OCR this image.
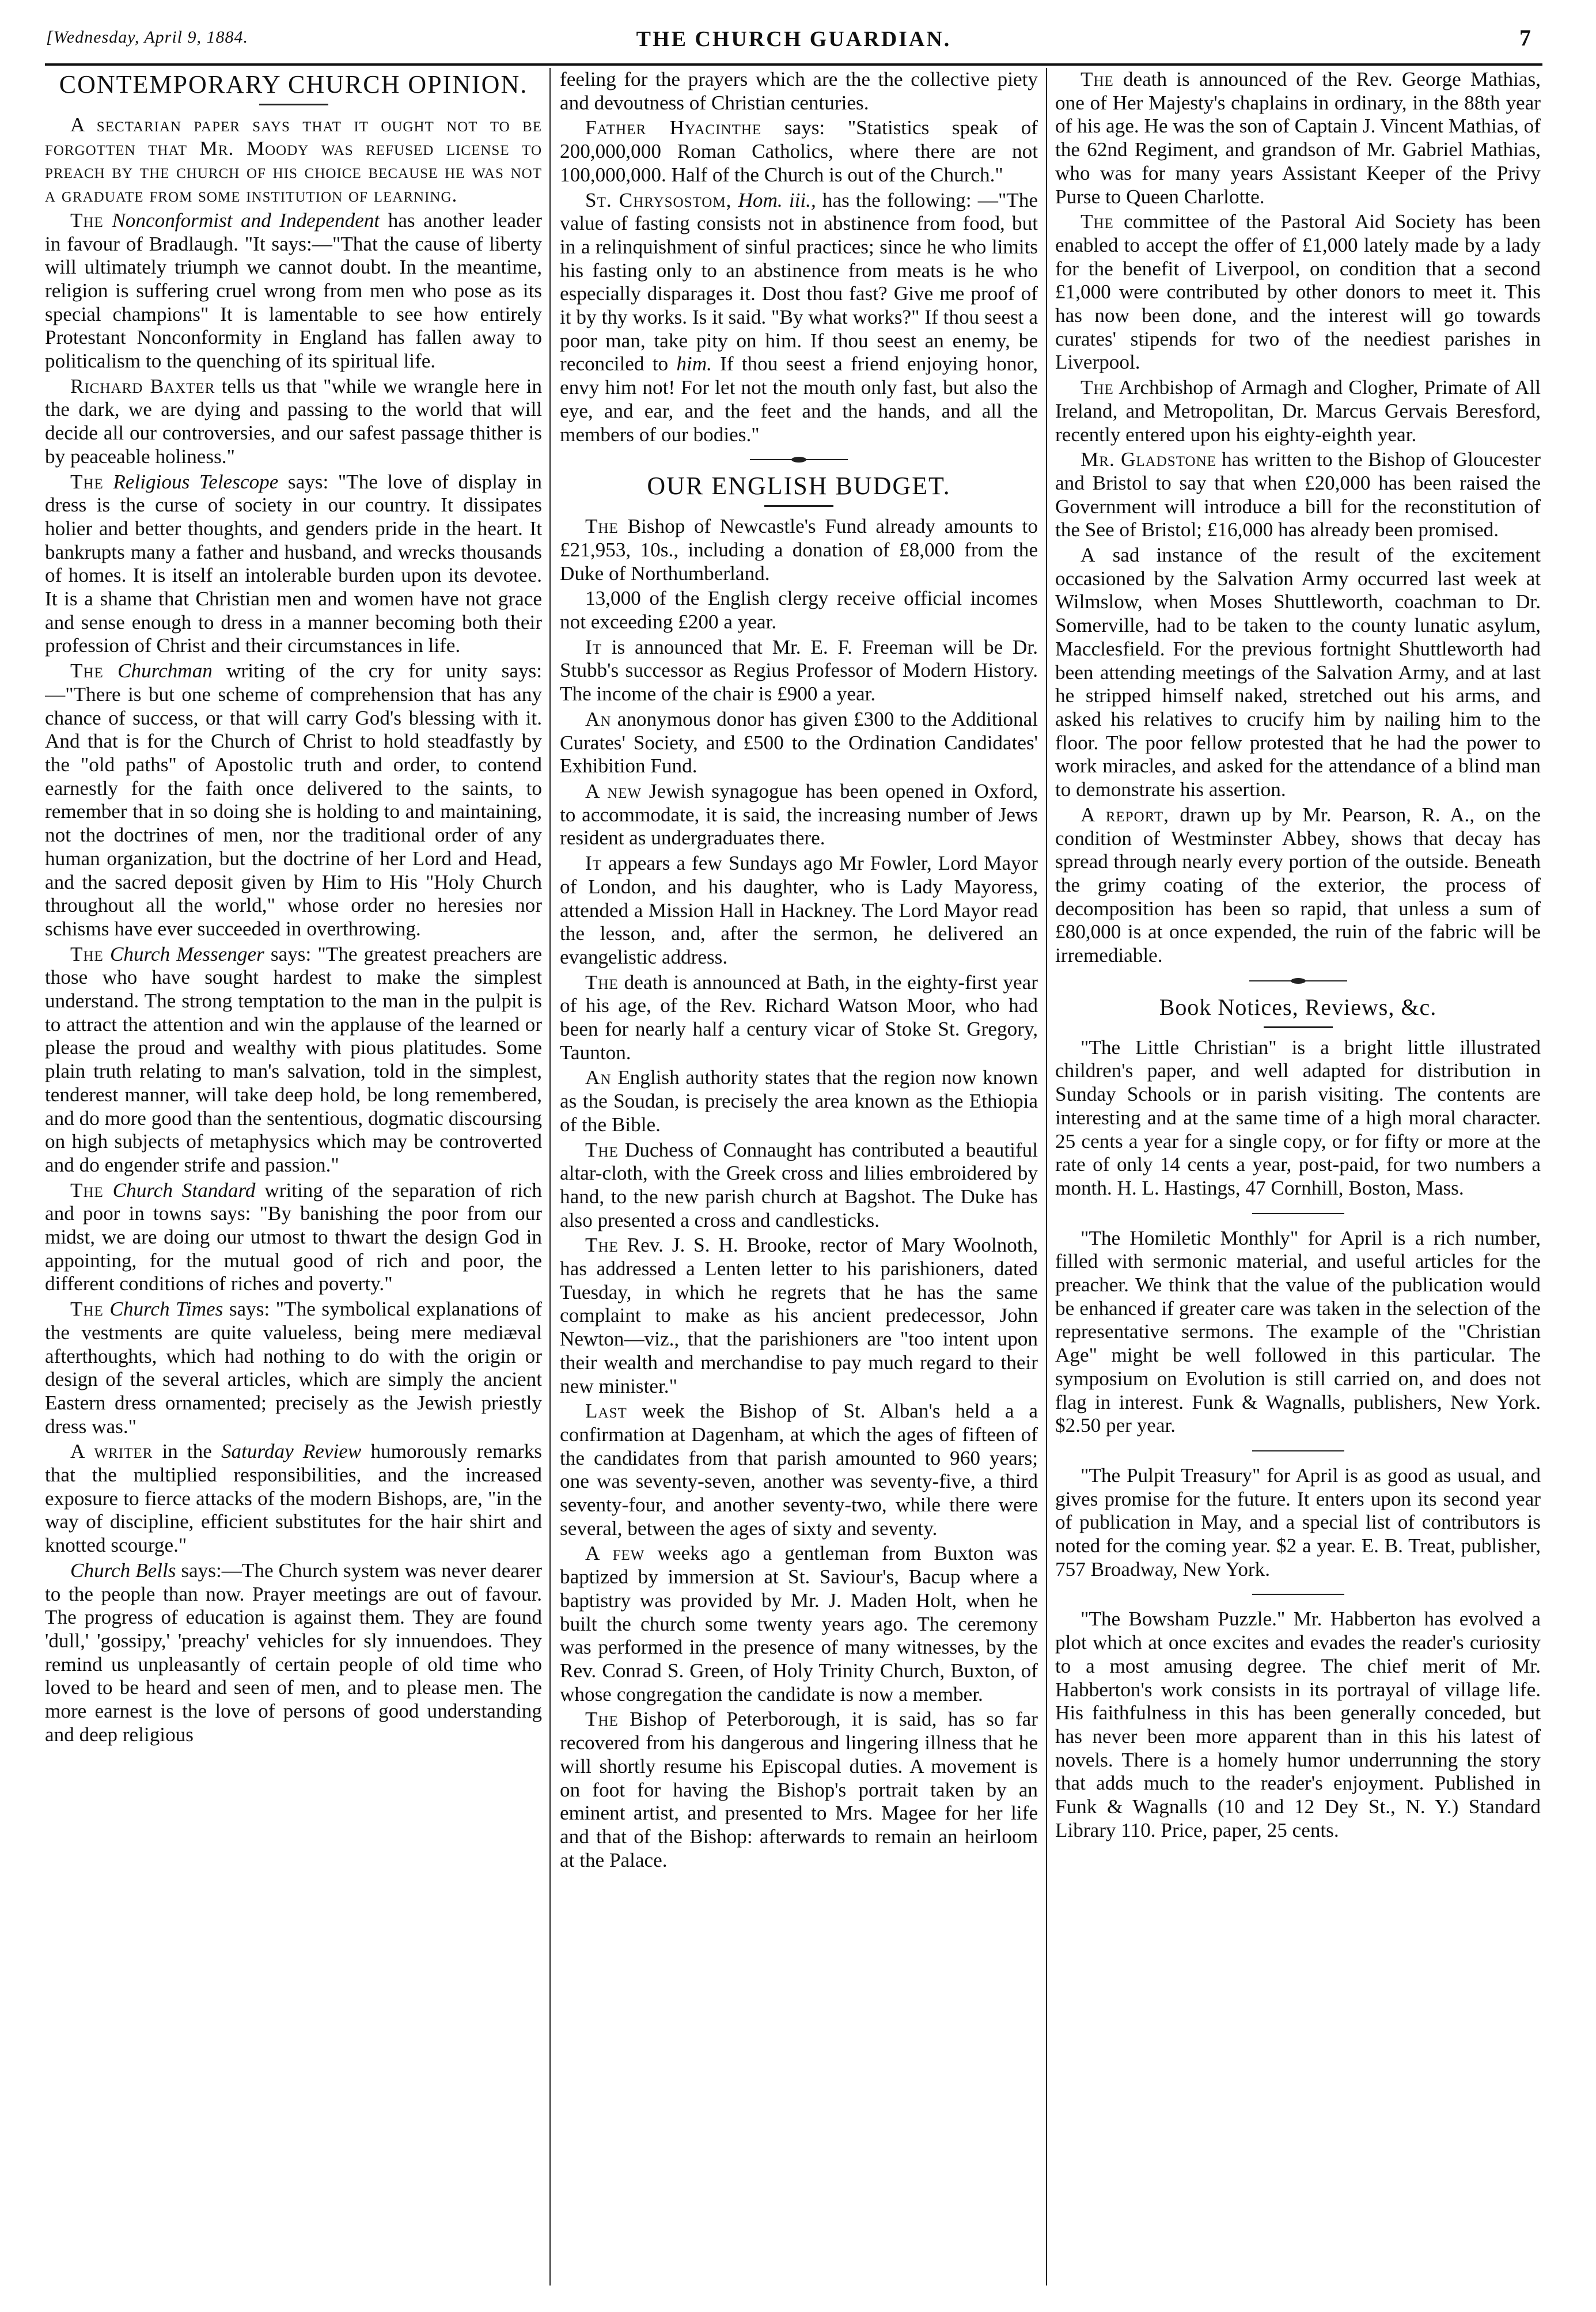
[Wednesday, April 9, 1884.	THE CHURCH GUARDIAN.	7
CONTEMPORARY CHURCH OPINION.

A sectarian paper says that it ought not to be forgotten that Mr. Moody was refused license to preach by the church of his choice because he was not a graduate from some institution of learning.

The Nonconformist and Independent has another leader in favour of Bradlaugh. "It says:—"That the cause of liberty will ultimately triumph we cannot doubt. In the meantime, religion is suffering cruel wrong from men who pose as its special champions" It is lamentable to see how entirely Protestant Nonconformity in England has fallen away to politicalism to the quenching of its spiritual life.

Richard Baxter tells us that "while we wrangle here in the dark, we are dying and passing to the world that will decide all our controversies, and our safest passage thither is by peaceable holiness."

The Religious Telescope says: "The love of display in dress is the curse of society in our country. It dissipates holier and better thoughts, and genders pride in the heart. It bankrupts many a father and husband, and wrecks thousands of homes. It is itself an intolerable burden upon its devotee. It is a shame that Christian men and women have not grace and sense enough to dress in a manner becoming both their profession of Christ and their circumstances in life.

The Churchman writing of the cry for unity says:—"There is but one scheme of comprehension that has any chance of success, or that will carry God's blessing with it. And that is for the Church of Christ to hold steadfastly by the "old paths" of Apostolic truth and order, to contend earnestly for the faith once delivered to the saints, to remember that in so doing she is holding to and maintaining, not the doctrines of men, nor the traditional order of any human organization, but the doctrine of her Lord and Head, and the sacred deposit given by Him to His "Holy Church throughout all the world," whose order no heresies nor schisms have ever succeeded in overthrowing.

The Church Messenger says: "The greatest preachers are those who have sought hardest to make the simplest understand. The strong temptation to the man in the pulpit is to attract the attention and win the applause of the learned or please the proud and wealthy with pious platitudes. Some plain truth relating to man's salvation, told in the simplest, tenderest manner, will take deep hold, be long remembered, and do more good than the sententious, dogmatic discoursing on high subjects of metaphysics which may be controverted and do engender strife and passion."

The Church Standard writing of the separation of rich and poor in towns says: "By banishing the poor from our midst, we are doing our utmost to thwart the design God in appointing, for the mutual good of rich and poor, the different conditions of riches and poverty."

The Church Times says: "The symbolical explanations of the vestments are quite valueless, being mere mediæval afterthoughts, which had nothing to do with the origin or design of the several articles, which are simply the ancient Eastern dress ornamented; precisely as the Jewish priestly dress was."

A writer in the Saturday Review humorously remarks that the multiplied responsibilities, and the increased exposure to fierce attacks of the modern Bishops, are, "in the way of discipline, efficient substitutes for the hair shirt and knotted scourge."

Church Bells says:—The Church system was never dearer to the people than now. Prayer meetings are out of favour. The progress of education is against them. They are found 'dull,' 'gossipy,' 'preachy' vehicles for sly innuendoes. They remind us unpleasantly of certain people of old time who loved to be heard and seen of men, and to please men. The more earnest is the love of persons of good understanding and deep religious

feeling for the prayers which are the the collective piety and devoutness of Christian centuries.

Father Hyacinthe says: "Statistics speak of 200,000,000 Roman Catholics, where there are not 100,000,000. Half of the Church is out of the Church."

St. Chrysostom, Hom. iii., has the following: —"The value of fasting consists not in abstinence from food, but in a relinquishment of sinful practices; since he who limits his fasting only to an abstinence from meats is he who especially disparages it. Dost thou fast? Give me proof of it by thy works. Is it said. "By what works?" If thou seest a poor man, take pity on him. If thou seest an enemy, be reconciled to him. If thou seest a friend enjoying honor, envy him not! For let not the mouth only fast, but also the eye, and ear, and the feet and the hands, and all the members of our bodies."

OUR ENGLISH BUDGET.

The Bishop of Newcastle's Fund already amounts to £21,953, 10s., including a donation of £8,000 from the Duke of Northumberland.

13,000 of the English clergy receive official incomes not exceeding £200 a year.

It is announced that Mr. E. F. Freeman will be Dr. Stubb's successor as Regius Professor of Modern History. The income of the chair is £900 a year.

An anonymous donor has given £300 to the Additional Curates' Society, and £500 to the Ordination Candidates' Exhibition Fund.

A new Jewish synagogue has been opened in Oxford, to accommodate, it is said, the increasing number of Jews resident as undergraduates there.

It appears a few Sundays ago Mr Fowler, Lord Mayor of London, and his daughter, who is Lady Mayoress, attended a Mission Hall in Hackney. The Lord Mayor read the lesson, and, after the sermon, he delivered an evangelistic address.

The death is announced at Bath, in the eighty-first year of his age, of the Rev. Richard Watson Moor, who had been for nearly half a century vicar of Stoke St. Gregory, Taunton.

An English authority states that the region now known as the Soudan, is precisely the area known as the Ethiopia of the Bible.

The Duchess of Connaught has contributed a beautiful altar-cloth, with the Greek cross and lilies embroidered by hand, to the new parish church at Bagshot. The Duke has also presented a cross and candlesticks.

The Rev. J. S. H. Brooke, rector of Mary Woolnoth, has addressed a Lenten letter to his parishioners, dated Tuesday, in which he regrets that he has the same complaint to make as his ancient predecessor, John Newton—viz., that the parishioners are "too intent upon their wealth and merchandise to pay much regard to their new minister."

Last week the Bishop of St. Alban's held a a confirmation at Dagenham, at which the ages of fifteen of the candidates from that parish amounted to 960 years; one was seventy-seven, another was seventy-five, a third seventy-four, and another seventy-two, while there were several, between the ages of sixty and seventy.

A few weeks ago a gentleman from Buxton was baptized by immersion at St. Saviour's, Bacup where a baptistry was provided by Mr. J. Maden Holt, when he built the church some twenty years ago. The ceremony was performed in the presence of many witnesses, by the Rev. Conrad S. Green, of Holy Trinity Church, Buxton, of whose congregation the candidate is now a member.

The Bishop of Peterborough, it is said, has so far recovered from his dangerous and lingering illness that he will shortly resume his Episcopal duties. A movement is on foot for having the Bishop's portrait taken by an eminent artist, and presented to Mrs. Magee for her life and that of the Bishop: afterwards to remain an heirloom at the Palace.

The death is announced of the Rev. George Mathias, one of Her Majesty's chaplains in ordinary, in the 88th year of his age. He was the son of Captain J. Vincent Mathias, of the 62nd Regiment, and grandson of Mr. Gabriel Mathias, who was for many years Assistant Keeper of the Privy Purse to Queen Charlotte.

The committee of the Pastoral Aid Society has been enabled to accept the offer of £1,000 lately made by a lady for the benefit of Liverpool, on condition that a second £1,000 were contributed by other donors to meet it. This has now been done, and the interest will go towards curates' stipends for two of the neediest parishes in Liverpool.

The Archbishop of Armagh and Clogher, Primate of All Ireland, and Metropolitan, Dr. Marcus Gervais Beresford, recently entered upon his eighty-eighth year.

Mr. Gladstone has written to the Bishop of Gloucester and Bristol to say that when £20,000 has been raised the Government will introduce a bill for the reconstitution of the See of Bristol; £16,000 has already been promised.

A sad instance of the result of the excitement occasioned by the Salvation Army occurred last week at Wilmslow, when Moses Shuttleworth, coachman to Dr. Somerville, had to be taken to the county lunatic asylum, Macclesfield. For the previous fortnight Shuttleworth had been attending meetings of the Salvation Army, and at last he stripped himself naked, stretched out his arms, and asked his relatives to crucify him by nailing him to the floor. The poor fellow protested that he had the power to work miracles, and asked for the attendance of a blind man to demonstrate his assertion.

A report, drawn up by Mr. Pearson, R. A., on the condition of Westminster Abbey, shows that decay has spread through nearly every portion of the outside. Beneath the grimy coating of the exterior, the process of decomposition has been so rapid, that unless a sum of £80,000 is at once expended, the ruin of the fabric will be irremediable.

Book Notices, Reviews, &c.

"The Little Christian" is a bright little illustrated children's paper, and well adapted for distribution in Sunday Schools or in parish visiting. The contents are interesting and at the same time of a high moral character. 25 cents a year for a single copy, or for fifty or more at the rate of only 14 cents a year, post-paid, for two numbers a month. H. L. Hastings, 47 Cornhill, Boston, Mass.

"The Homiletic Monthly" for April is a rich number, filled with sermonic material, and useful articles for the preacher. We think that the value of the publication would be enhanced if greater care was taken in the selection of the representative sermons. The example of the "Christian Age" might be well followed in this particular. The symposium on Evolution is still carried on, and does not flag in interest. Funk & Wagnalls, publishers, New York. $2.50 per year.

"The Pulpit Treasury" for April is as good as usual, and gives promise for the future. It enters upon its second year of publication in May, and a special list of contributors is noted for the coming year. $2 a year. E. B. Treat, publisher, 757 Broadway, New York.

"The Bowsham Puzzle." Mr. Habberton has evolved a plot which at once excites and evades the reader's curiosity to a most amusing degree. The chief merit of Mr. Habberton's work consists in its portrayal of village life. His faithfulness in this has been generally conceded, but has never been more apparent than in this his latest of novels. There is a homely humor underrunning the story that adds much to the reader's enjoyment. Published in Funk & Wagnalls (10 and 12 Dey St., N. Y.) Standard Library 110. Price, paper, 25 cents.
